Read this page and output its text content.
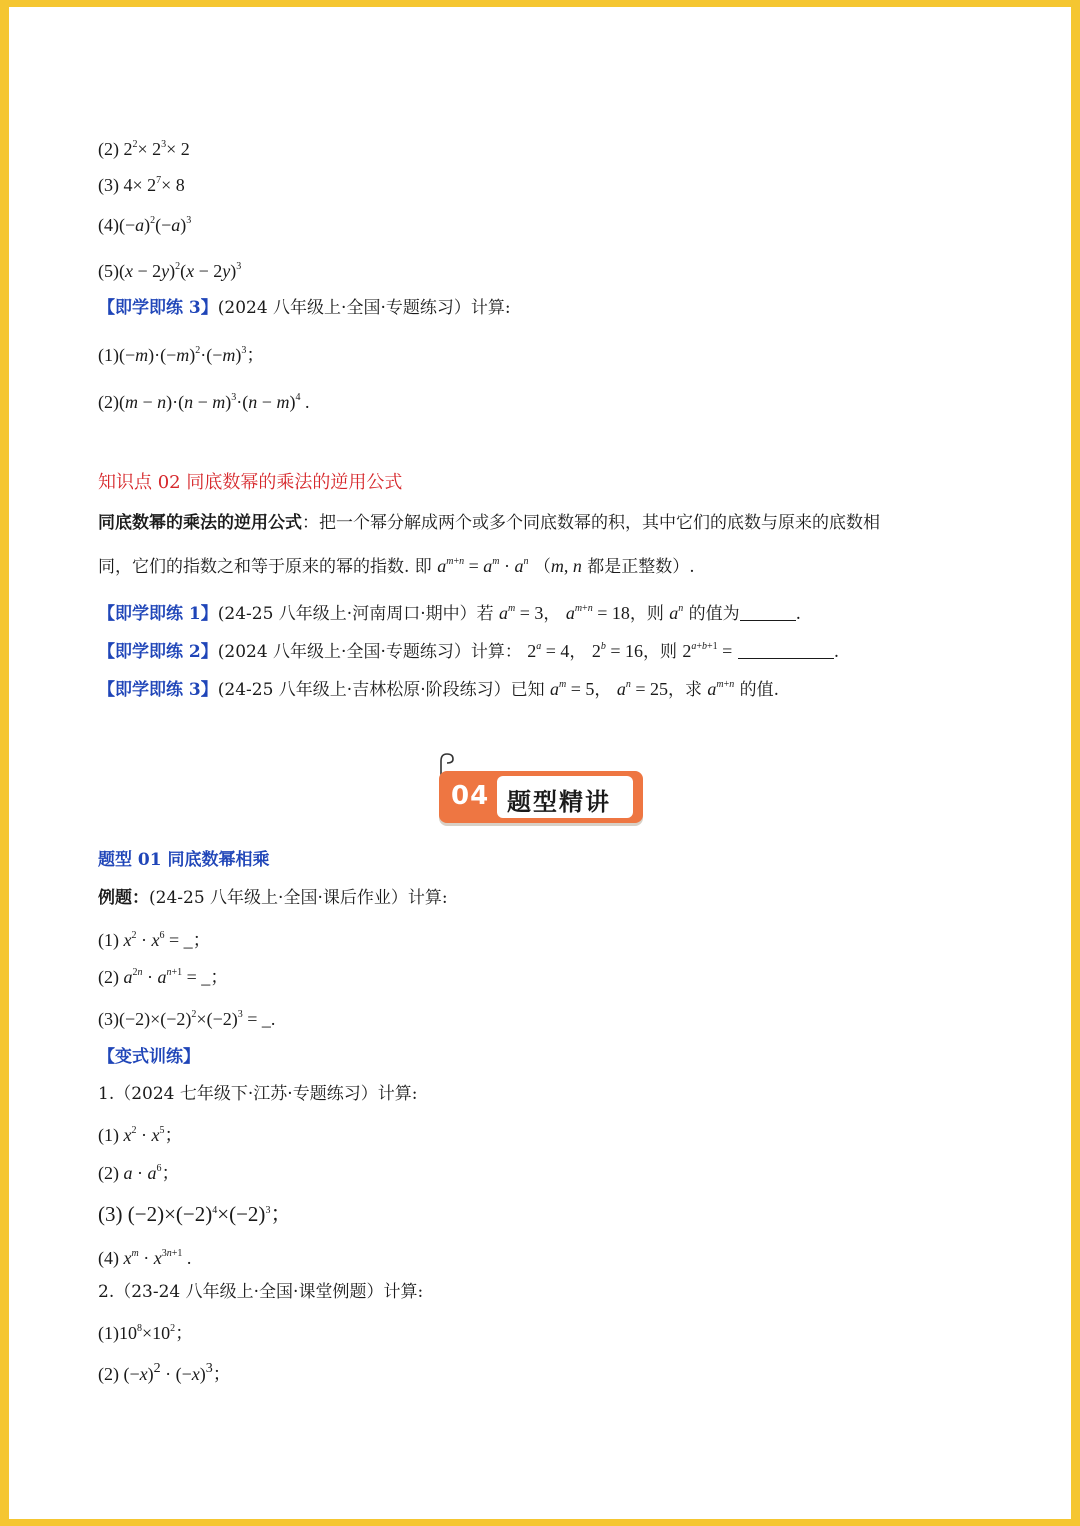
(2) $2^2\times 2^3\times 2$
(3) $4\times 2^7\times 8$
$(4)(-a)^2(-a)^3$
$(5)(x - 2y)^2(x - 2y)^3$
【即学即练 3】(2024 八年级上·全国·专题练习）计算:
$(1)(-m)\cdot(-m)^2\cdot(-m)^3$；
$(2)(m - n)\cdot(n - m)^3\cdot(n - m)^4$ .
知识点 02 同底数幂的乘法的逆用公式
同底数幂的乘法的逆用公式：把一个幂分解成两个或多个同底数幂的积，其中它们的底数与原来的底数相
同，它们的指数之和等于原来的幂的指数. 即 $a^{m+n} = a^m \cdot a^n$ （m, n 都是正整数）.
【即学即练 1】(24-25 八年级上·河南周口·期中）若 $a^m = 3$， $a^{m+n} = 18$，则 $a^n$ 的值为	.
【即学即练 2】(2024 八年级上·全国·专题练习）计算： $2^a = 4$， $2^b = 16$，则 $2^{a+b+1}$ =	.
【即学即练 3】(24-25 八年级上·吉林松原·阶段练习）已知 $a^m = 5$， $a^n = 25$，求 $a^{m+n}$ 的值.
04 题型精讲
题型 01 同底数幂相乘
例题：(24-25 八年级上·全国·课后作业）计算:
(1) $x^2 \cdot x^6$ = _；
(2) $a^{2n} \cdot a^{n+1}$ = _；
$(3)(-2)\times(-2)^2\times(-2)^3$ = _.
【变式训练】
1.（2024 七年级下·江苏·专题练习）计算:
(1) $x^2 \cdot x^5$；
(2) $a \cdot a^6$；
(3) $(-2)\times(-2)^4\times(-2)^3$；
(4) $x^m \cdot x^{3n+1}$ .
2.（23-24 八年级上·全国·课堂例题）计算:
$(1)10^8\times 10^2$；
(2) $(-x)^2 \cdot (-x)^3$；
